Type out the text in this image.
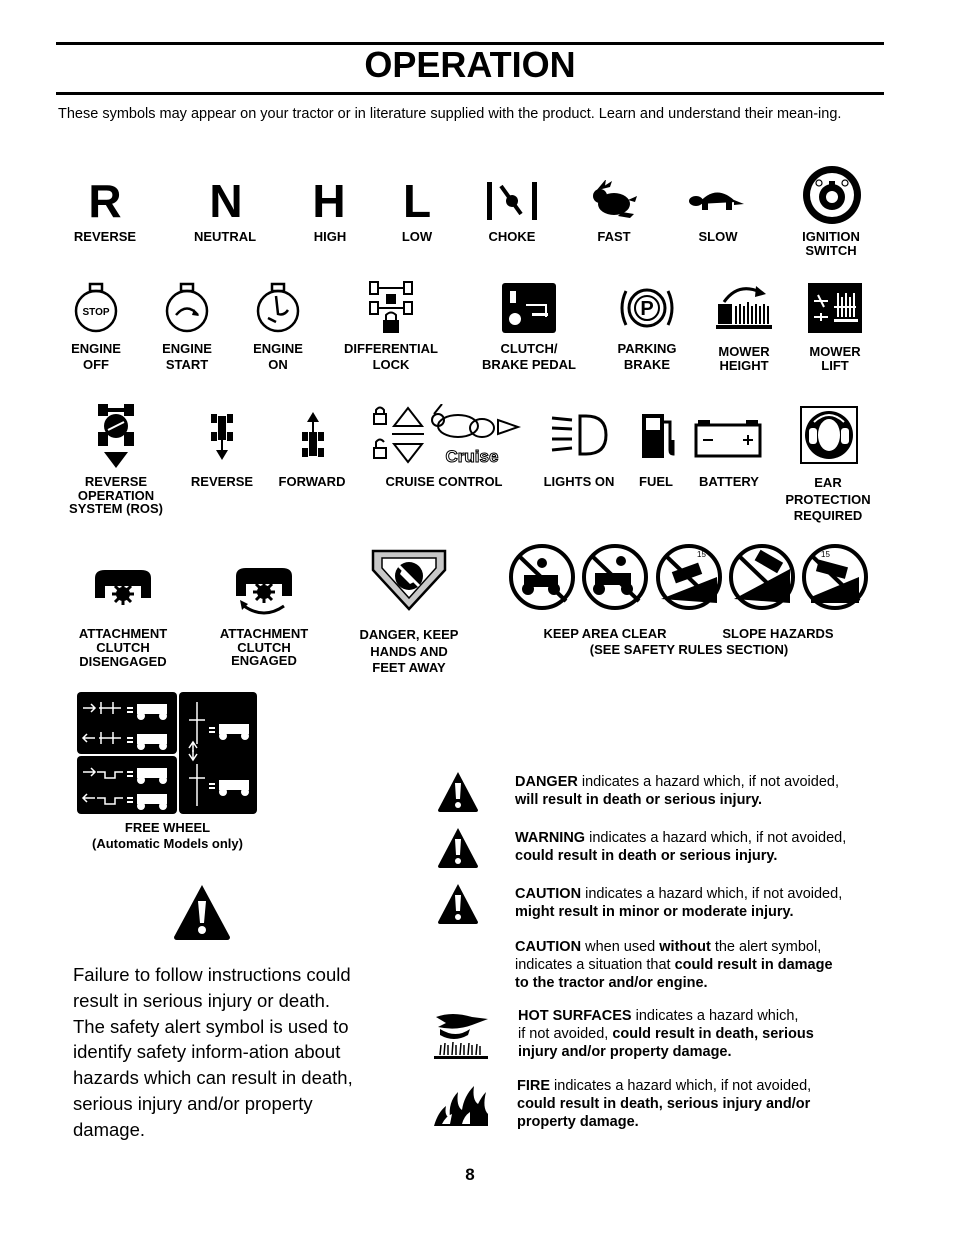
OPERATION
These symbols may appear on your tractor or in literature supplied with the product. Learn and understand their mean-ing.
R N H L
REVERSE	NEUTRAL	HIGH	LOW	CHOKE	FAST	SLOW	IGNITION
SWITCH
STOP	P
ENGINE
OFF
ENGINE
START
ENGINE
ON
DIFFERENTIAL
LOCK
CLUTCH/
BRAKE PEDAL
PARKING
BRAKE
MOWER
HEIGHT
MOWER
LIFT
Cruise
REVERSE
OPERATION
SYSTEM (ROS)
REVERSE	FORWARD	CRUISE CONTROL	LIGHTS ON	FUEL	BATTERY	EAR
PROTECTION
REQUIRED
15	15
ATTACHMENT
CLUTCH
DISENGAGED
ATTACHMENT
CLUTCH
ENGAGED
DANGER, KEEP
HANDS AND
FEET AWAY
KEEP AREA CLEAR	SLOPE HAZARDS
(SEE SAFETY RULES SECTION)
FREE WHEEL
(Automatic Models only)
Failure to follow instructions could result in serious injury or death. The safety alert symbol is used to identify safety inform-ation about hazards which can result in death, serious injury and/or property damage.
DANGER indicates a hazard which, if not avoided,
will result in death or serious injury.
WARNING indicates a hazard which, if not avoided,
could result in death or serious injury.
CAUTION indicates a hazard which, if not avoided,
might result in minor or moderate injury.
CAUTION when used without the alert symbol,
indicates a situation that could result in damage
to the tractor and/or engine.
HOT SURFACES indicates a hazard which,
if not avoided, could result in death, serious
injury and/or property damage.
FIRE indicates a hazard which, if not avoided,
could result in death, serious injury and/or
property damage.
8
